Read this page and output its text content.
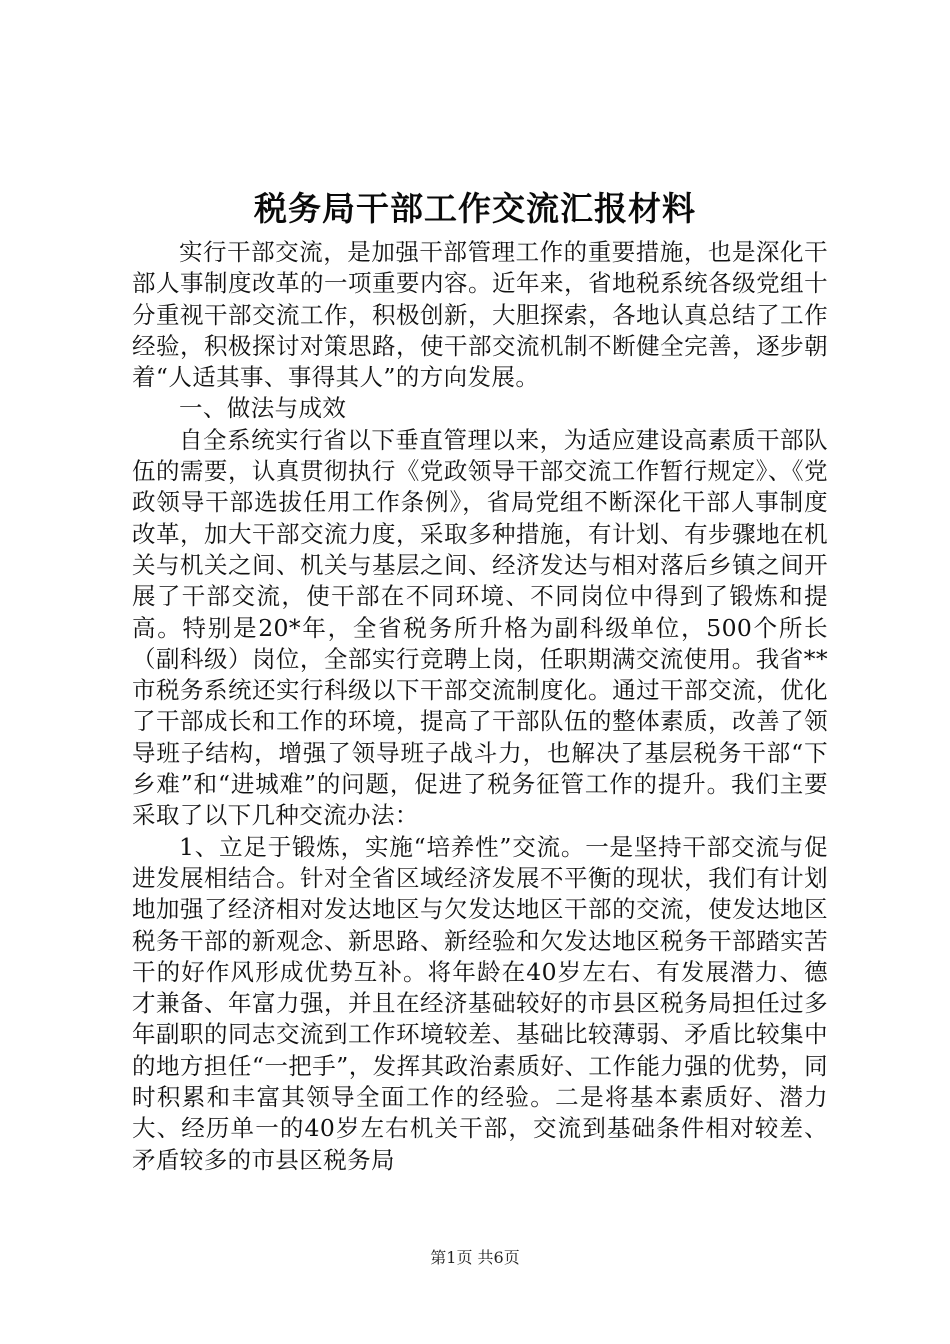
税务局干部工作交流汇报材料

实行干部交流，是加强干部管理工作的重要措施，也是深化干部人事制度改革的一项重要内容。近年来，省地税系统各级党组十分重视干部交流工作，积极创新，大胆探索，各地认真总结了工作经验，积极探讨对策思路，使干部交流机制不断健全完善，逐步朝着“人适其事、事得其人”的方向发展。

一、做法与成效

自全系统实行省以下垂直管理以来，为适应建设高素质干部队伍的需要，认真贯彻执行《党政领导干部交流工作暂行规定》、《党政领导干部选拔任用工作条例》，省局党组不断深化干部人事制度改革，加大干部交流力度，采取多种措施，有计划、有步骤地在机关与机关之间、机关与基层之间、经济发达与相对落后乡镇之间开展了干部交流，使干部在不同环境、不同岗位中得到了锻炼和提高。特别是20*年，全省税务所升格为副科级单位，500个所长（副科级）岗位，全部实行竞聘上岗，任职期满交流使用。我省**市税务系统还实行科级以下干部交流制度化。通过干部交流，优化了干部成长和工作的环境，提高了干部队伍的整体素质，改善了领导班子结构，增强了领导班子战斗力，也解决了基层税务干部“下乡难”和“进城难”的问题，促进了税务征管工作的提升。我们主要采取了以下几种交流办法：

1、立足于锻炼，实施“培养性”交流。一是坚持干部交流与促进发展相结合。针对全省区域经济发展不平衡的现状，我们有计划地加强了经济相对发达地区与欠发达地区干部的交流，使发达地区税务干部的新观念、新思路、新经验和欠发达地区税务干部踏实苦干的好作风形成优势互补。将年龄在40岁左右、有发展潜力、德才兼备、年富力强，并且在经济基础较好的市县区税务局担任过多年副职的同志交流到工作环境较差、基础比较薄弱、矛盾比较集中的地方担任“一把手”，发挥其政治素质好、工作能力强的优势，同时积累和丰富其领导全面工作的经验。二是将基本素质好、潜力大、经历单一的40岁左右机关干部，交流到基础条件相对较差、矛盾较多的市县区税务局

第1页 共6页
